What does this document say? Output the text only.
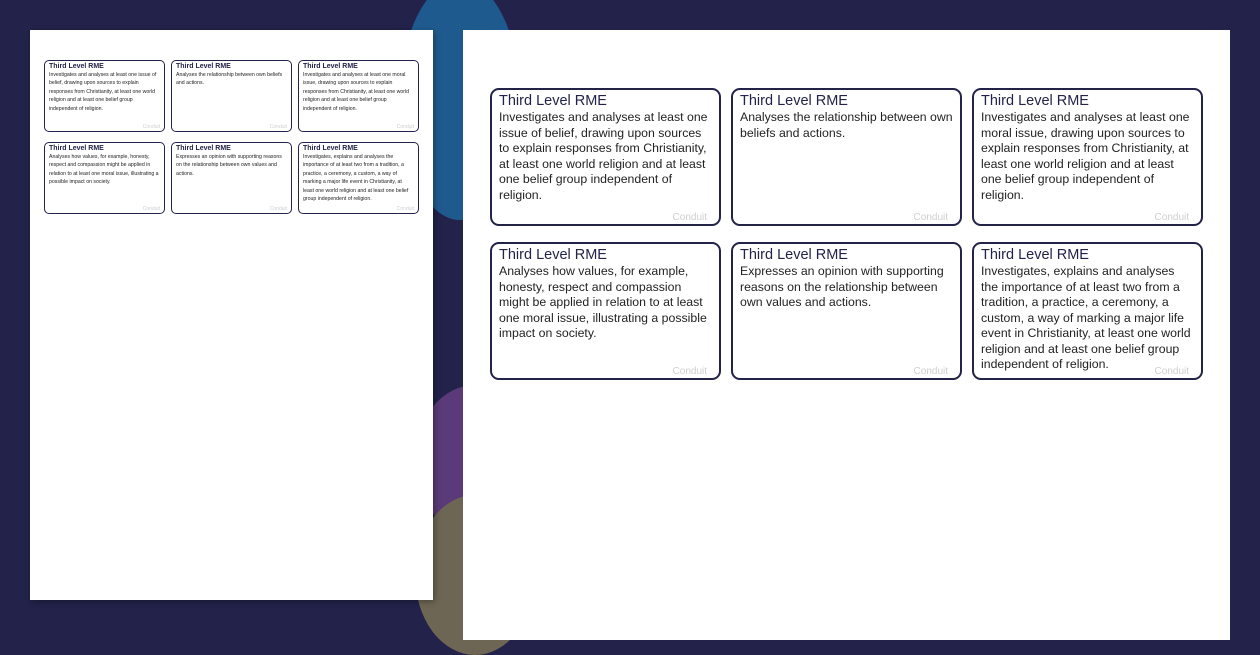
Third Level RME
Investigates and analyses at least one issue of belief, drawing upon sources to explain responses from Christianity, at least one world religion and at least one belief group independent of religion.
Conduit
Third Level RME
Analyses the relationship between own beliefs and actions.
Conduit
Third Level RME
Investigates and analyses at least one moral issue, drawing upon sources to explain responses from Christianity, at least one world religion and at least one belief group independent of religion.
Conduit
Third Level RME
Analyses how values, for example, honesty, respect and compassion might be applied in relation to at least one moral issue, illustrating a possible impact on society.
Conduit
Third Level RME
Expresses an opinion with supporting reasons on the relationship between own values and actions.
Conduit
Third Level RME
Investigates, explains and analyses the importance of at least two from a tradition, a practice, a ceremony, a custom, a way of marking a major life event in Christianity, at least one world religion and at least one belief group independent of religion.
Conduit
Third Level RME
Investigates and analyses at least one issue of belief, drawing upon sources to explain responses from Christianity, at least one world religion and at least one belief group independent of religion.
Conduit
Third Level RME
Analyses the relationship between own beliefs and actions.
Conduit
Third Level RME
Investigates and analyses at least one moral issue, drawing upon sources to explain responses from Christianity, at least one world religion and at least one belief group independent of religion.
Conduit
Third Level RME
Analyses how values, for example, honesty, respect and compassion might be applied in relation to at least one moral issue, illustrating a possible impact on society.
Conduit
Third Level RME
Expresses an opinion with supporting reasons on the relationship between own values and actions.
Conduit
Third Level RME
Investigates, explains and analyses the importance of at least two from a tradition, a practice, a ceremony, a custom, a way of marking a major life event in Christianity, at least one world religion and at least one belief group independent of religion.
Conduit
